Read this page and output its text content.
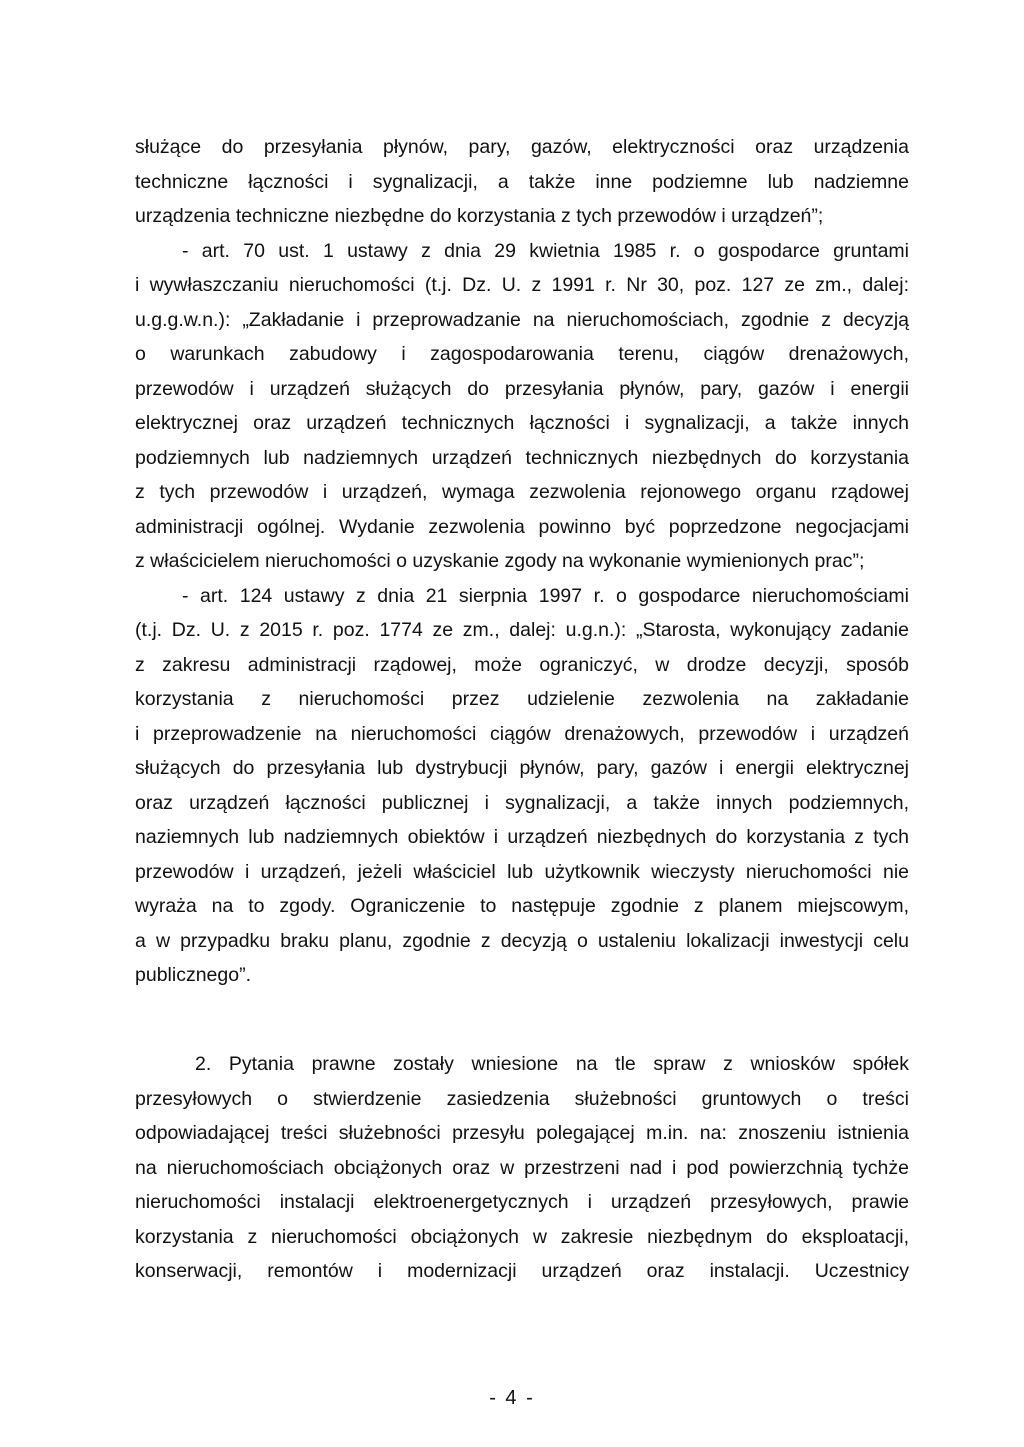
służące do przesyłania płynów, pary, gazów, elektryczności oraz urządzenia
techniczne łączności i sygnalizacji, a także inne podziemne lub nadziemne
urządzenia techniczne niezbędne do korzystania z tych przewodów i urządzeń”;
- art. 70 ust. 1 ustawy z dnia 29 kwietnia 1985 r. o gospodarce gruntami
i wywłaszczaniu nieruchomości (t.j. Dz. U. z 1991 r. Nr 30, poz. 127 ze zm., dalej:
u.g.g.w.n.): „Zakładanie i przeprowadzanie na nieruchomościach, zgodnie z decyzją
o warunkach zabudowy i zagospodarowania terenu, ciągów drenażowych,
przewodów i urządzeń służących do przesyłania płynów, pary, gazów i energii
elektrycznej oraz urządzeń technicznych łączności i sygnalizacji, a także innych
podziemnych lub nadziemnych urządzeń technicznych niezbędnych do korzystania
z tych przewodów i urządzeń, wymaga zezwolenia rejonowego organu rządowej
administracji ogólnej. Wydanie zezwolenia powinno być poprzedzone negocjacjami
z właścicielem nieruchomości o uzyskanie zgody na wykonanie wymienionych prac”;
- art. 124 ustawy z dnia 21 sierpnia 1997 r. o gospodarce nieruchomościami
(t.j. Dz. U. z 2015 r. poz. 1774 ze zm., dalej: u.g.n.): „Starosta, wykonujący zadanie
z zakresu administracji rządowej, może ograniczyć, w drodze decyzji, sposób
korzystania z nieruchomości przez udzielenie zezwolenia na zakładanie
i przeprowadzenie na nieruchomości ciągów drenażowych, przewodów i urządzeń
służących do przesyłania lub dystrybucji płynów, pary, gazów i energii elektrycznej
oraz urządzeń łączności publicznej i sygnalizacji, a także innych podziemnych,
naziemnych lub nadziemnych obiektów i urządzeń niezbędnych do korzystania z tych
przewodów i urządzeń, jeżeli właściciel lub użytkownik wieczysty nieruchomości nie
wyraża na to zgody. Ograniczenie to następuje zgodnie z planem miejscowym,
a w przypadku braku planu, zgodnie z decyzją o ustaleniu lokalizacji inwestycji celu
publicznego”.
2. Pytania prawne zostały wniesione na tle spraw z wniosków spółek
przesyłowych o stwierdzenie zasiedzenia służebności gruntowych o treści
odpowiadającej treści służebności przesyłu polegającej m.in. na: znoszeniu istnienia
na nieruchomościach obciążonych oraz w przestrzeni nad i pod powierzchnią tychże
nieruchomości instalacji elektroenergetycznych i urządzeń przesyłowych, prawie
korzystania z nieruchomości obciążonych w zakresie niezbędnym do eksploatacji,
konserwacji, remontów i modernizacji urządzeń oraz instalacji. Uczestnicy
- 4 -
